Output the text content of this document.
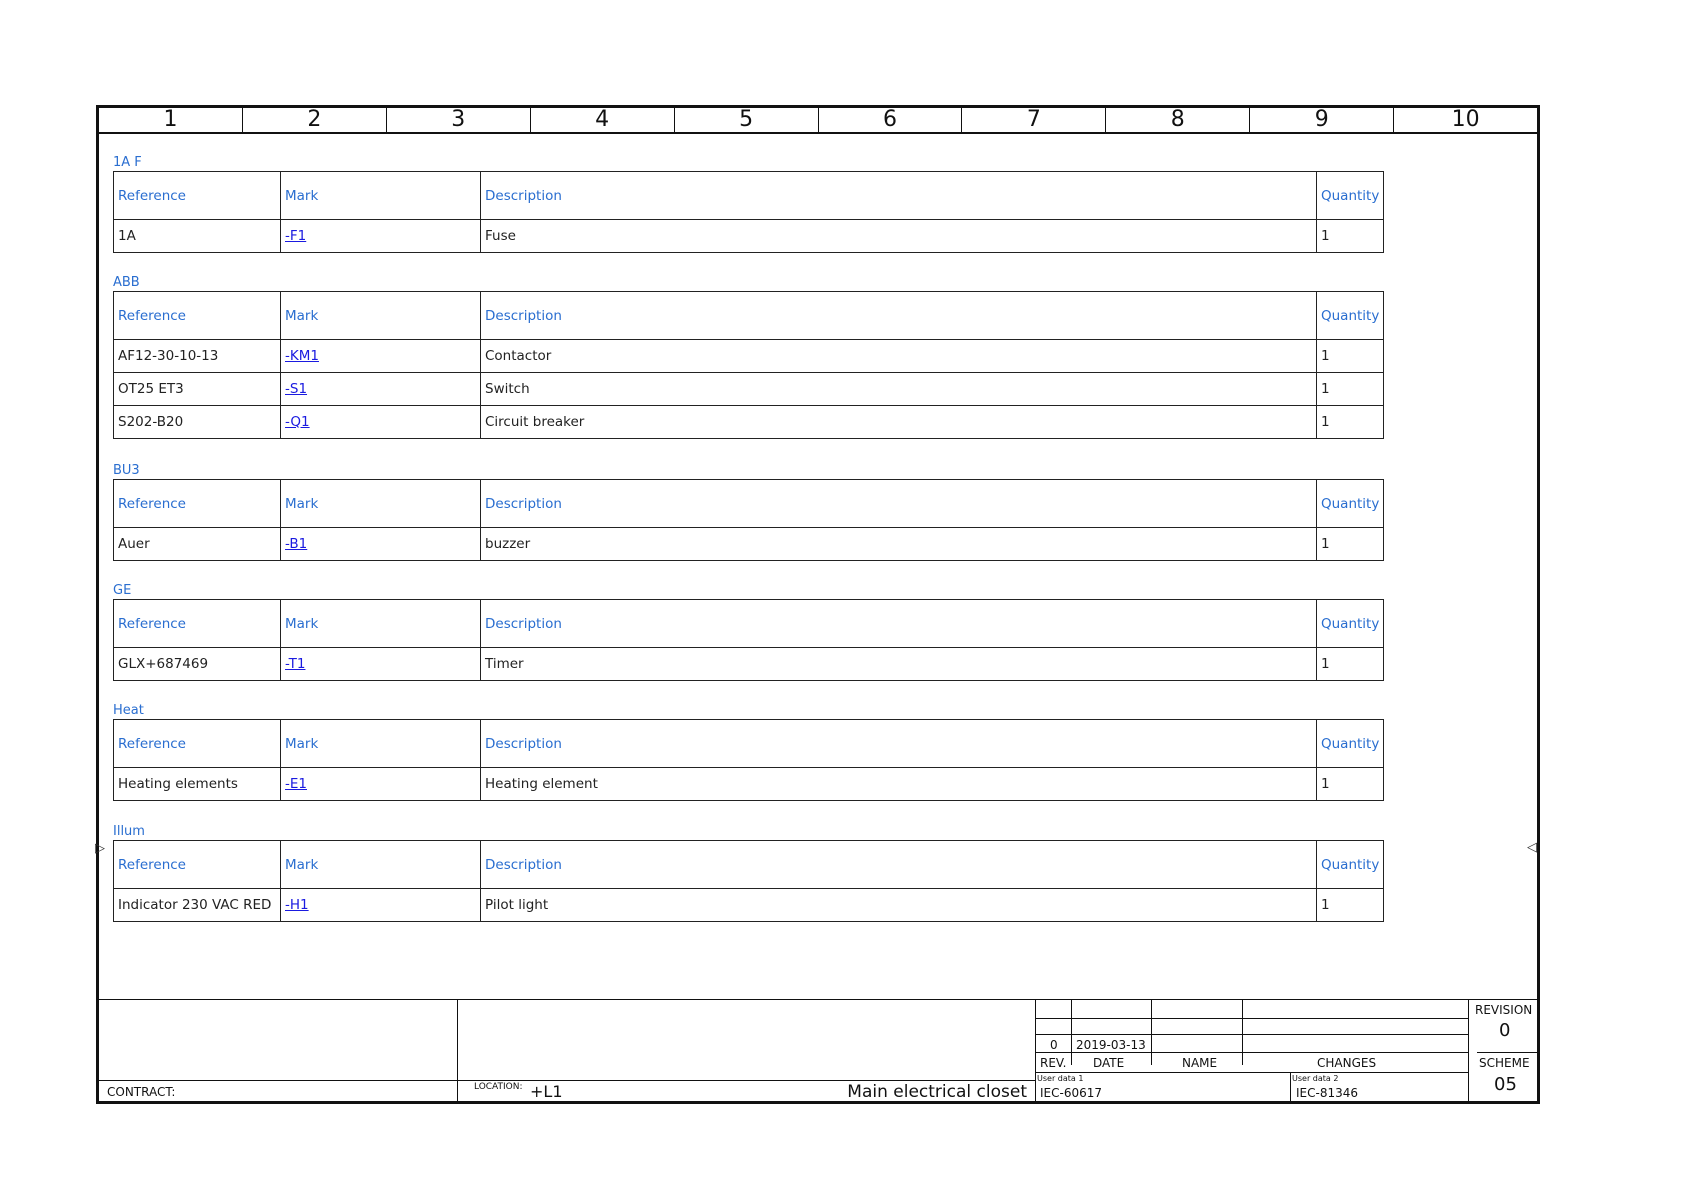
1	2	3	4	5	6	7	8	9	10
1A F
Reference	Mark	Description	Quantity
1A	-F1	Fuse	1
ABB
Reference	Mark	Description	Quantity
AF12-30-10-13	-KM1	Contactor	1
OT25 ET3	-S1	Switch	1
S202-B20	-Q1	Circuit breaker	1
BU3
Reference	Mark	Description	Quantity
Auer	-B1	buzzer	1
GE
Reference	Mark	Description	Quantity
GLX+687469	-T1	Timer	1
Heat
Reference	Mark	Description	Quantity
Heating elements	-E1	Heating element	1
Illum
Reference	Mark	Description	Quantity
Indicator 230 VAC RED	-H1	Pilot light	1
▷	◁
CONTRACT:	LOCATION: +L1	Main electrical closet
0 2019-03-13
REV. DATE	NAME	CHANGES
User data 1
IEC-60617
User data 2
IEC-81346
REVISION
0
SCHEME
05
